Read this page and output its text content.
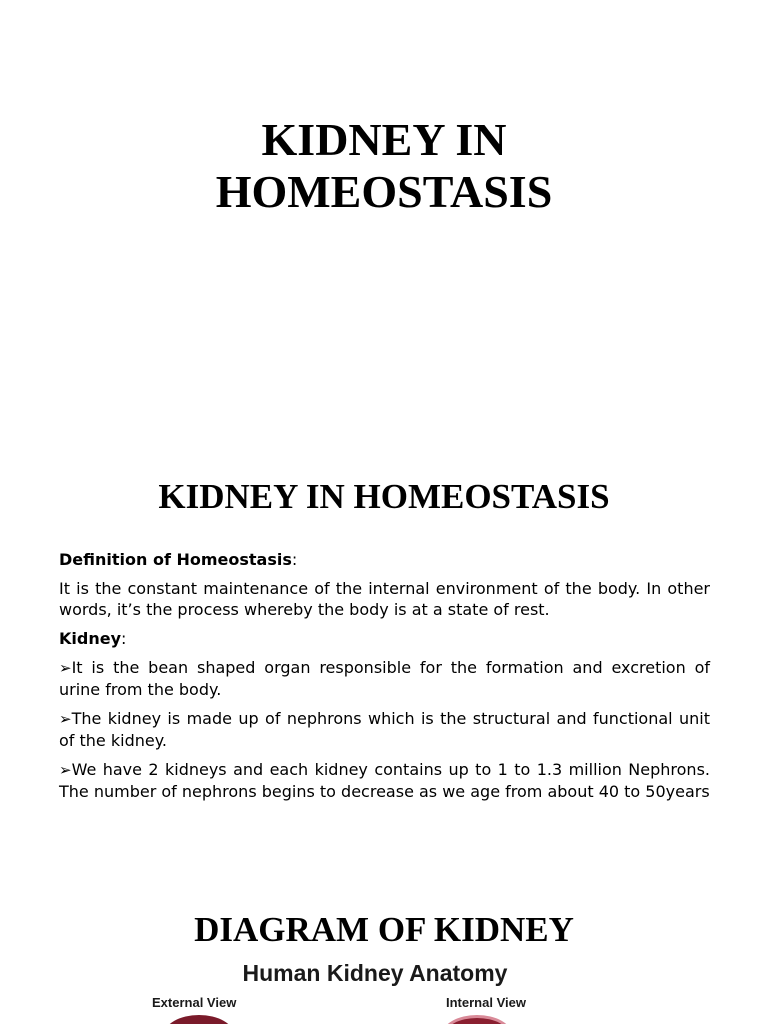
KIDNEY IN
HOMEOSTASIS
KIDNEY IN HOMEOSTASIS

Definition of Homeostasis:

It is the constant maintenance of the internal environment of the body. In other words, it’s the process whereby the body is at a state of rest.

Kidney:

➢It is the bean shaped organ responsible for the formation and excretion of urine from the body.

➢The kidney is made up of nephrons which is the structural and functional unit of the kidney.

➢We have 2 kidneys and each kidney contains up to 1 to 1.3 million Nephrons. The number of nephrons begins to decrease as we age from about 40 to 50years

DIAGRAM OF KIDNEY
Human Kidney Anatomy
External View	Internal View
